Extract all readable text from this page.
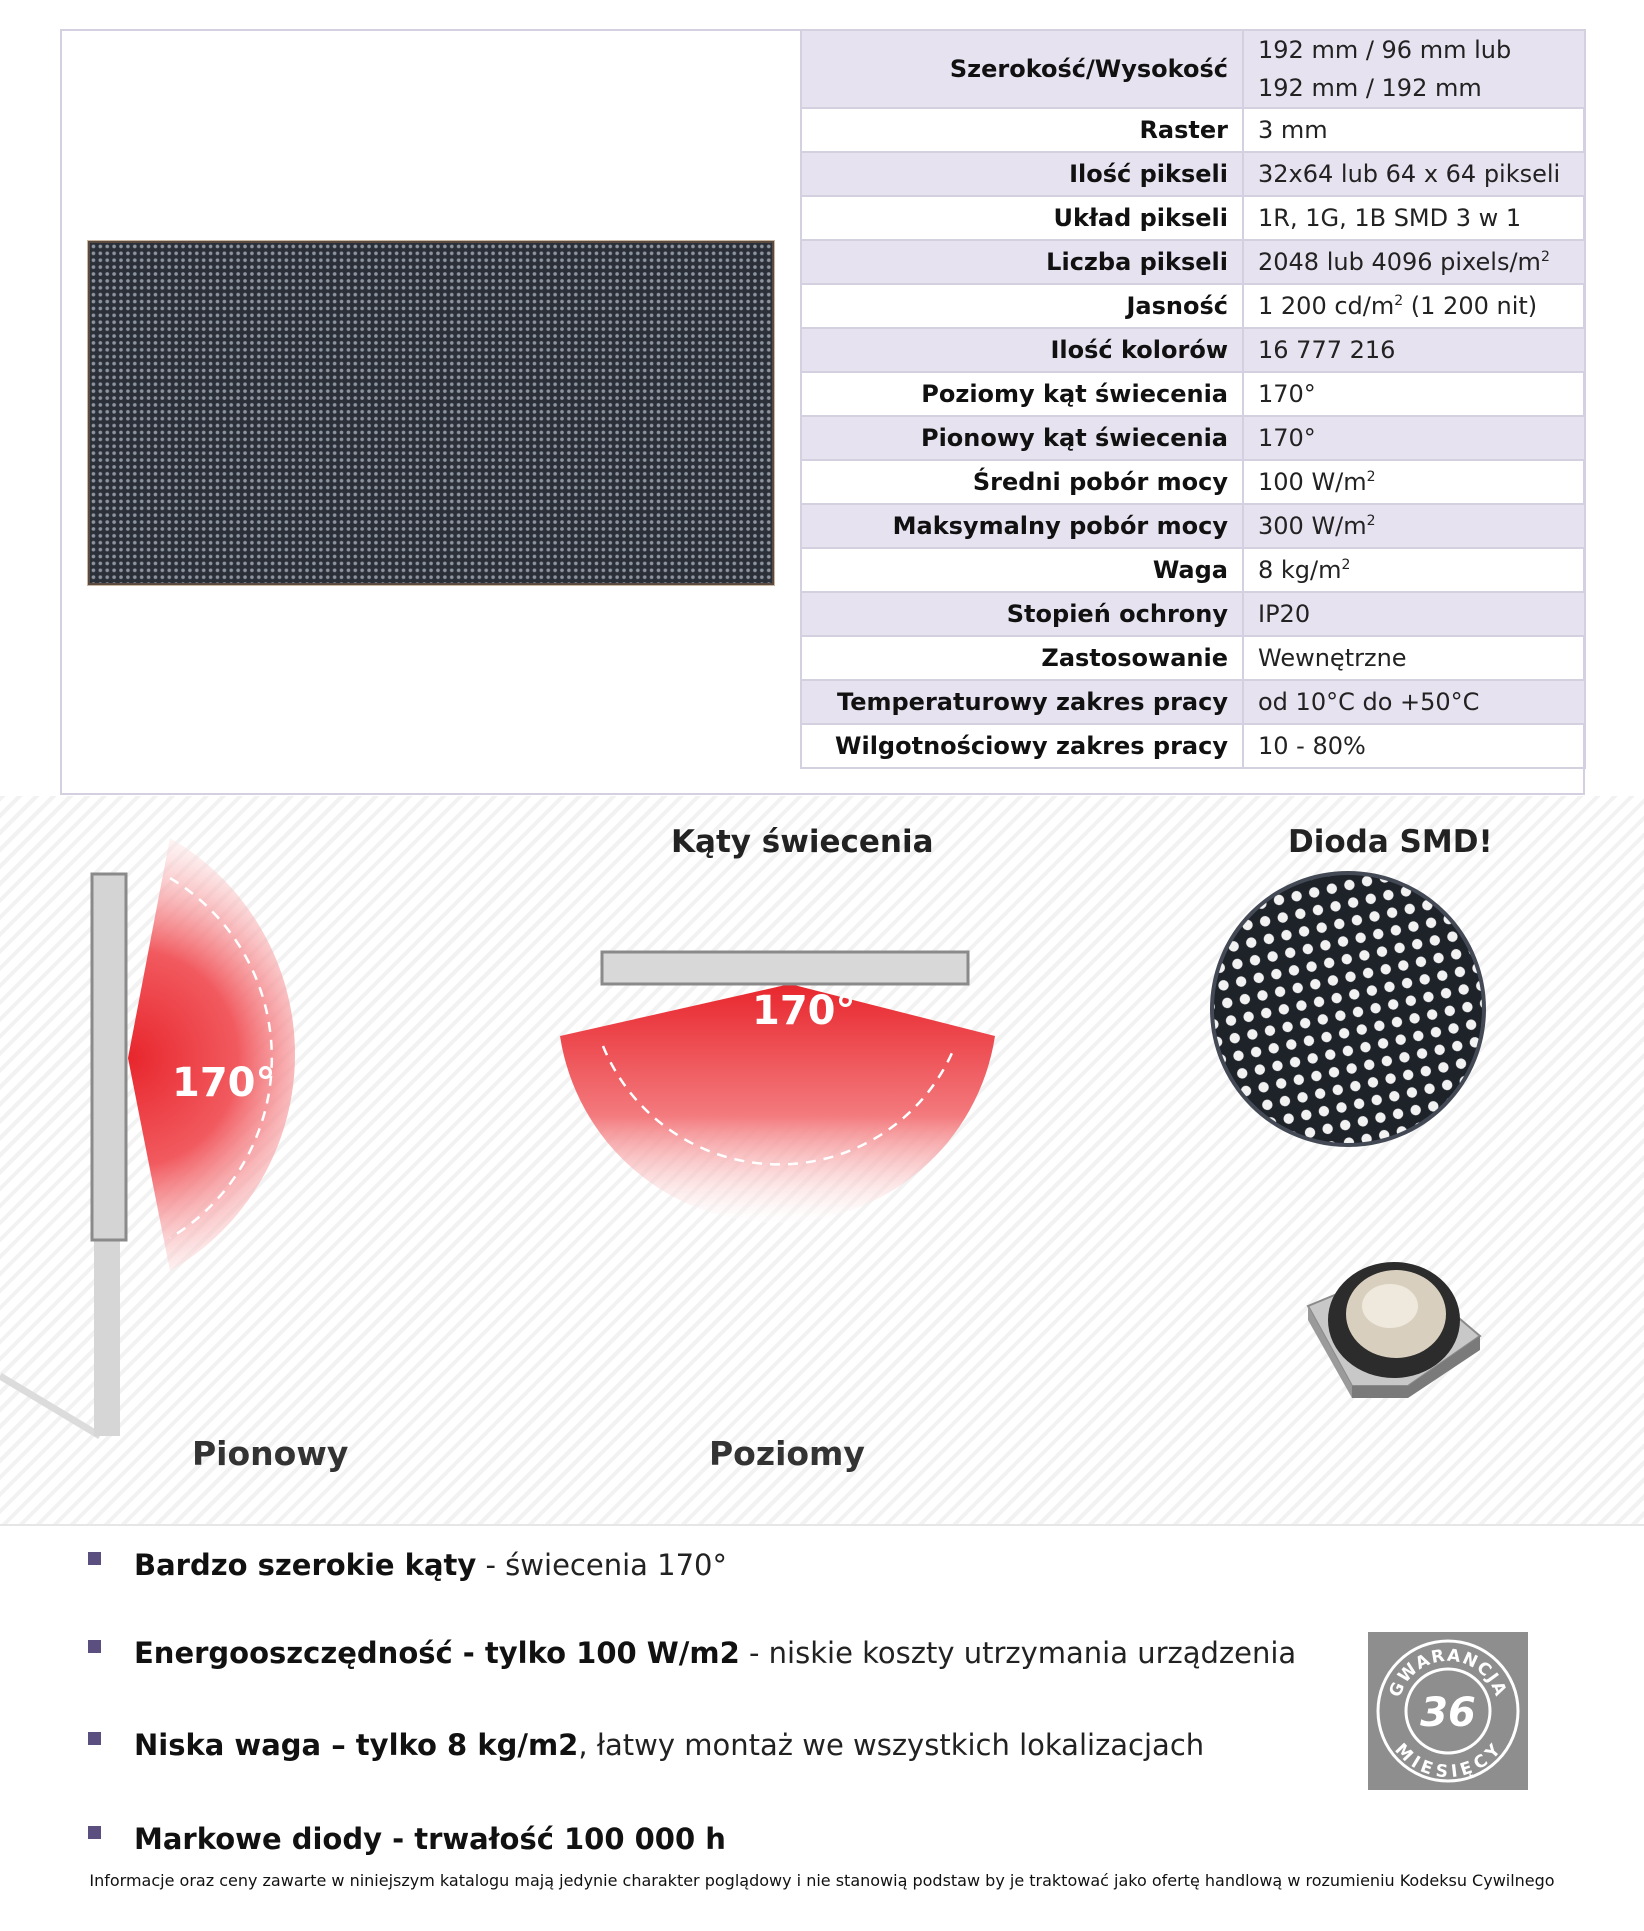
Szerokość/Wysokość	192 mm / 96 mm lub
192 mm / 192 mm

Raster	3 mm
Ilość pikseli	32x64 lub 64 x 64 pikseli
Układ pikseli	1R, 1G, 1B SMD 3 w 1
Liczba pikseli	2048 lub 4096 pixels/$m^2$
Jasność	1 200 $cd/m^2$ (1 200 nit)
Ilość kolorów	16 777 216
Poziomy kąt świecenia	170°
Pionowy kąt świecenia	170°
Średni pobór mocy	100 $W/m^2$
Maksymalny pobór mocy	300 $W/m^2$
Waga	8 $kg/m^2$
Stopień ochrony	IP20
Zastosowanie	Wewnętrzne
Temperaturowy zakres pracy	od 10°C do +50°C
Wilgotnościowy zakres pracy	10 - 80%
170°
170°
Kąty świecenia	Dioda SMD!
Pionowy	Poziomy
Bardzo szerokie kąty - świecenia 170°
Energooszczędność - tylko 100 W/m2 - niskie koszty utrzymania urządzenia
Niska waga – tylko 8 kg/m2, łatwy montaż we wszystkich lokalizacjach
Markowe diody - trwałość 100 000 h
GWARANCJA
MIESIĘCY
36
Informacje oraz ceny zawarte w niniejszym katalogu mają jedynie charakter poglądowy i nie stanowią podstaw by je traktować jako ofertę handlową w rozumieniu Kodeksu Cywilnego
